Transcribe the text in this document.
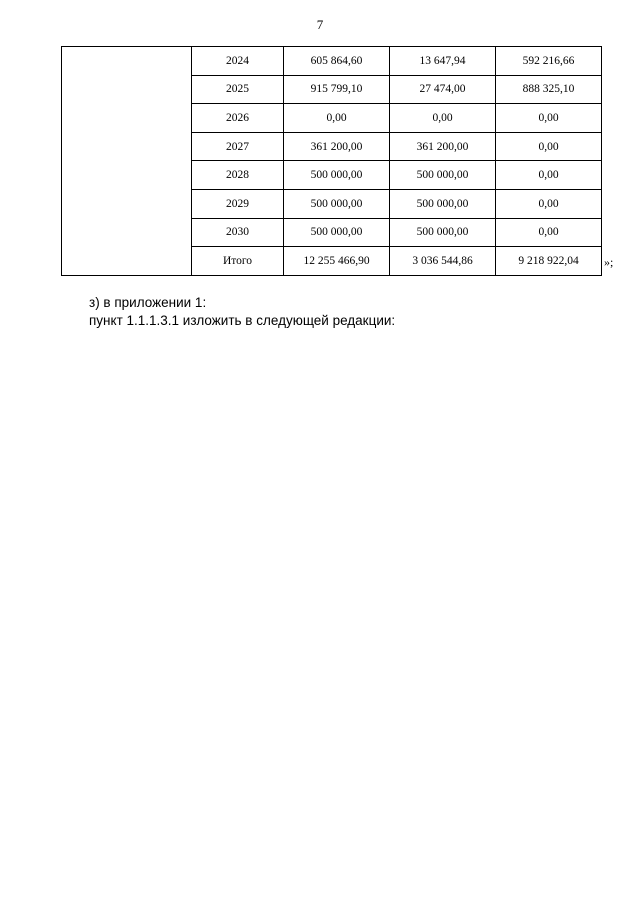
7
	2024	605 864,60	13 647,94	592 216,66
	2025	915 799,10	27 474,00	888 325,10
	2026	0,00	0,00	0,00
	2027	361 200,00	361 200,00	0,00
	2028	500 000,00	500 000,00	0,00
	2029	500 000,00	500 000,00	0,00
	2030	500 000,00	500 000,00	0,00
	Итого	12 255 466,90	3 036 544,86	9 218 922,04 »;
з) в приложении 1:
пункт 1.1.1.3.1 изложить в следующей редакции:
